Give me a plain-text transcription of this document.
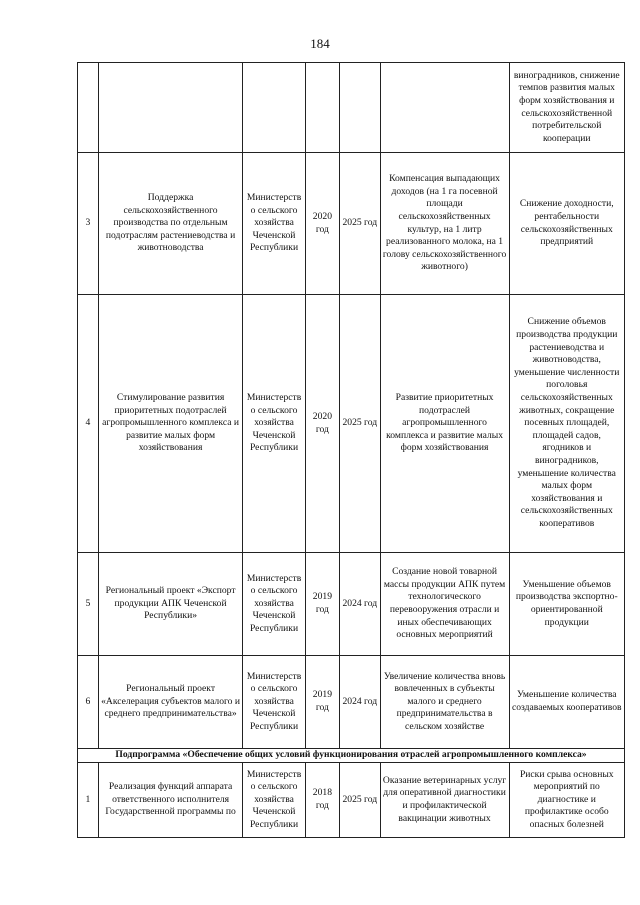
184
						виноградников, снижение темпов развития малых форм хозяйствования и сельскохозяйственной потребительской кооперации
3	Поддержка сельскохозяйственного производства по отдельным подотраслям растениеводства и животноводства	Министерство сельского хозяйства Чеченской Республики	2020 год	2025 год	Компенсация выпадающих доходов (на 1 га посевной площади сельскохозяйственных культур, на 1 литр реализованного молока, на 1 голову сельскохозяйственного животного)	Снижение доходности, рентабельности сельскохозяйственных предприятий
4	Стимулирование развития приоритетных подотраслей агропромышленного комплекса и развитие малых форм хозяйствования	Министерство сельского хозяйства Чеченской Республики	2020 год	2025 год	Развитие приоритетных подотраслей агропромышленного комплекса и развитие малых форм хозяйствования	Снижение объемов производства продукции растениеводства и животноводства, уменьшение численности поголовья сельскохозяйственных животных, сокращение посевных площадей, площадей садов, ягодников и виноградников, уменьшение количества малых форм хозяйствования и сельскохозяйственных кооперативов
5	Региональный проект «Экспорт продукции АПК Чеченской Республики»	Министерство сельского хозяйства Чеченской Республики	2019 год	2024 год	Создание новой товарной массы продукции АПК путем технологического перевооружения отрасли и иных обеспечивающих основных мероприятий	Уменьшение объемов производства экспортно-ориентированной продукции
6	Региональный проект «Акселерация субъектов малого и среднего предпринимательства»	Министерство сельского хозяйства Чеченской Республики	2019 год	2024 год	Увеличение количества вновь вовлеченных в субъекты малого и среднего предпринимательства в сельском хозяйстве	Уменьшение количества создаваемых кооперативов
Подпрограмма «Обеспечение общих условий функционирования отраслей агропромышленного комплекса»						
1	Реализация функций аппарата ответственного исполнителя Государственной программы по	Министерство сельского хозяйства Чеченской Республики	2018 год	2025 год	Оказание ветеринарных услуг для оперативной диагностики и профилактической вакцинации животных	Риски срыва основных мероприятий по диагностике и профилактике особо опасных болезней
